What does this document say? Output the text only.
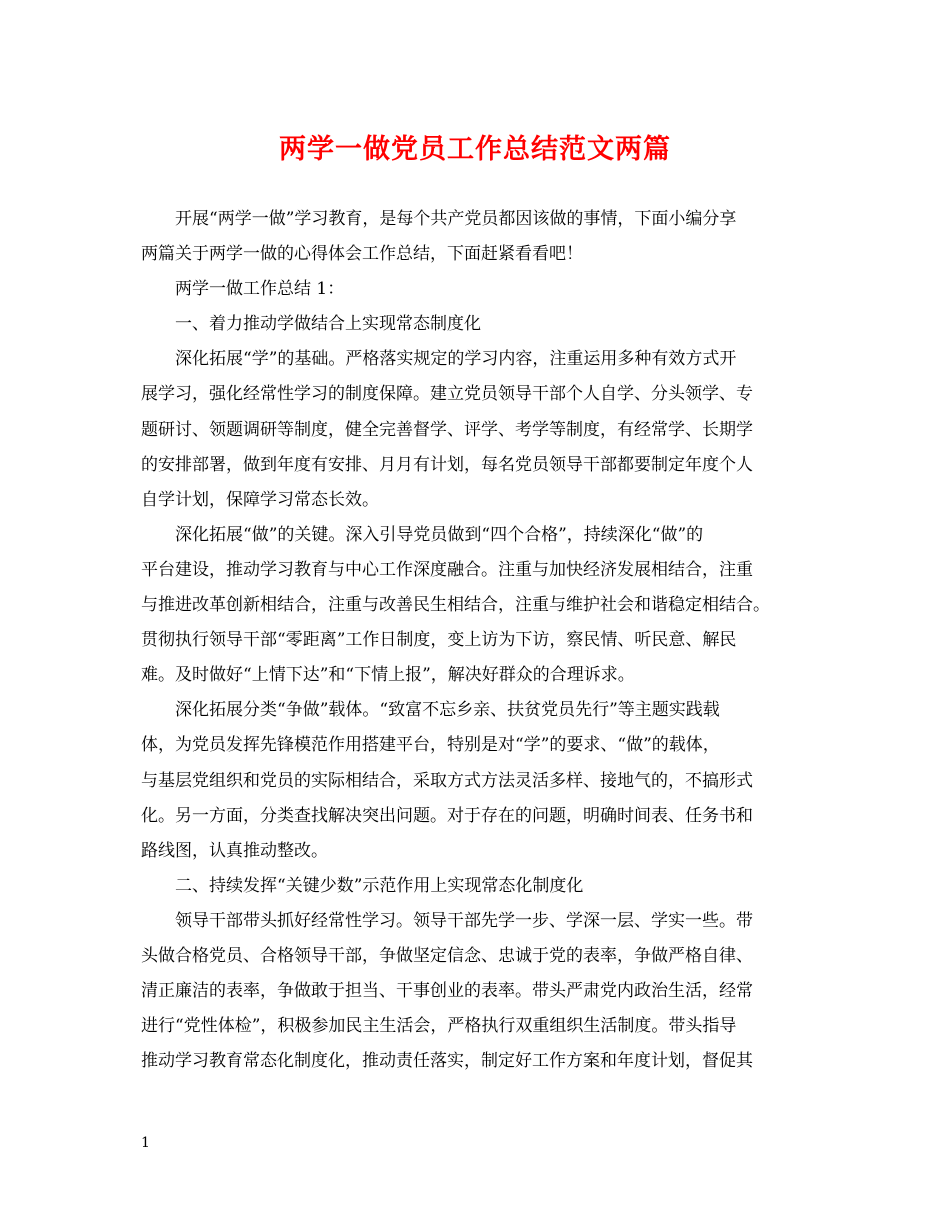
两学一做党员工作总结范文两篇
开展“两学一做”学习教育，是每个共产党员都因该做的事情，下面小编分享
两篇关于两学一做的心得体会工作总结，下面赶紧看看吧！
两学一做工作总结 1：
一、着力推动学做结合上实现常态制度化
深化拓展“学”的基础。严格落实规定的学习内容，注重运用多种有效方式开
展学习，强化经常性学习的制度保障。建立党员领导干部个人自学、分头领学、专
题研讨、领题调研等制度，健全完善督学、评学、考学等制度，有经常学、长期学
的安排部署，做到年度有安排、月月有计划，每名党员领导干部都要制定年度个人
自学计划，保障学习常态长效。
深化拓展“做”的关键。深入引导党员做到“四个合格”，持续深化“做”的
平台建设，推动学习教育与中心工作深度融合。注重与加快经济发展相结合，注重
与推进改革创新相结合，注重与改善民生相结合，注重与维护社会和谐稳定相结合。
贯彻执行领导干部“零距离”工作日制度，变上访为下访，察民情、听民意、解民
难。及时做好“上情下达”和“下情上报”，解决好群众的合理诉求。
深化拓展分类“争做”载体。“致富不忘乡亲、扶贫党员先行”等主题实践载
体，为党员发挥先锋模范作用搭建平台，特别是对“学”的要求、“做”的载体，
与基层党组织和党员的实际相结合，采取方式方法灵活多样、接地气的，不搞形式
化。另一方面，分类查找解决突出问题。对于存在的问题，明确时间表、任务书和
路线图，认真推动整改。
二、持续发挥“关键少数”示范作用上实现常态化制度化
领导干部带头抓好经常性学习。领导干部先学一步、学深一层、学实一些。带
头做合格党员、合格领导干部，争做坚定信念、忠诚于党的表率，争做严格自律、
清正廉洁的表率，争做敢于担当、干事创业的表率。带头严肃党内政治生活，经常
进行“党性体检”，积极参加民主生活会，严格执行双重组织生活制度。带头指导
推动学习教育常态化制度化，推动责任落实，制定好工作方案和年度计划，督促其
1
